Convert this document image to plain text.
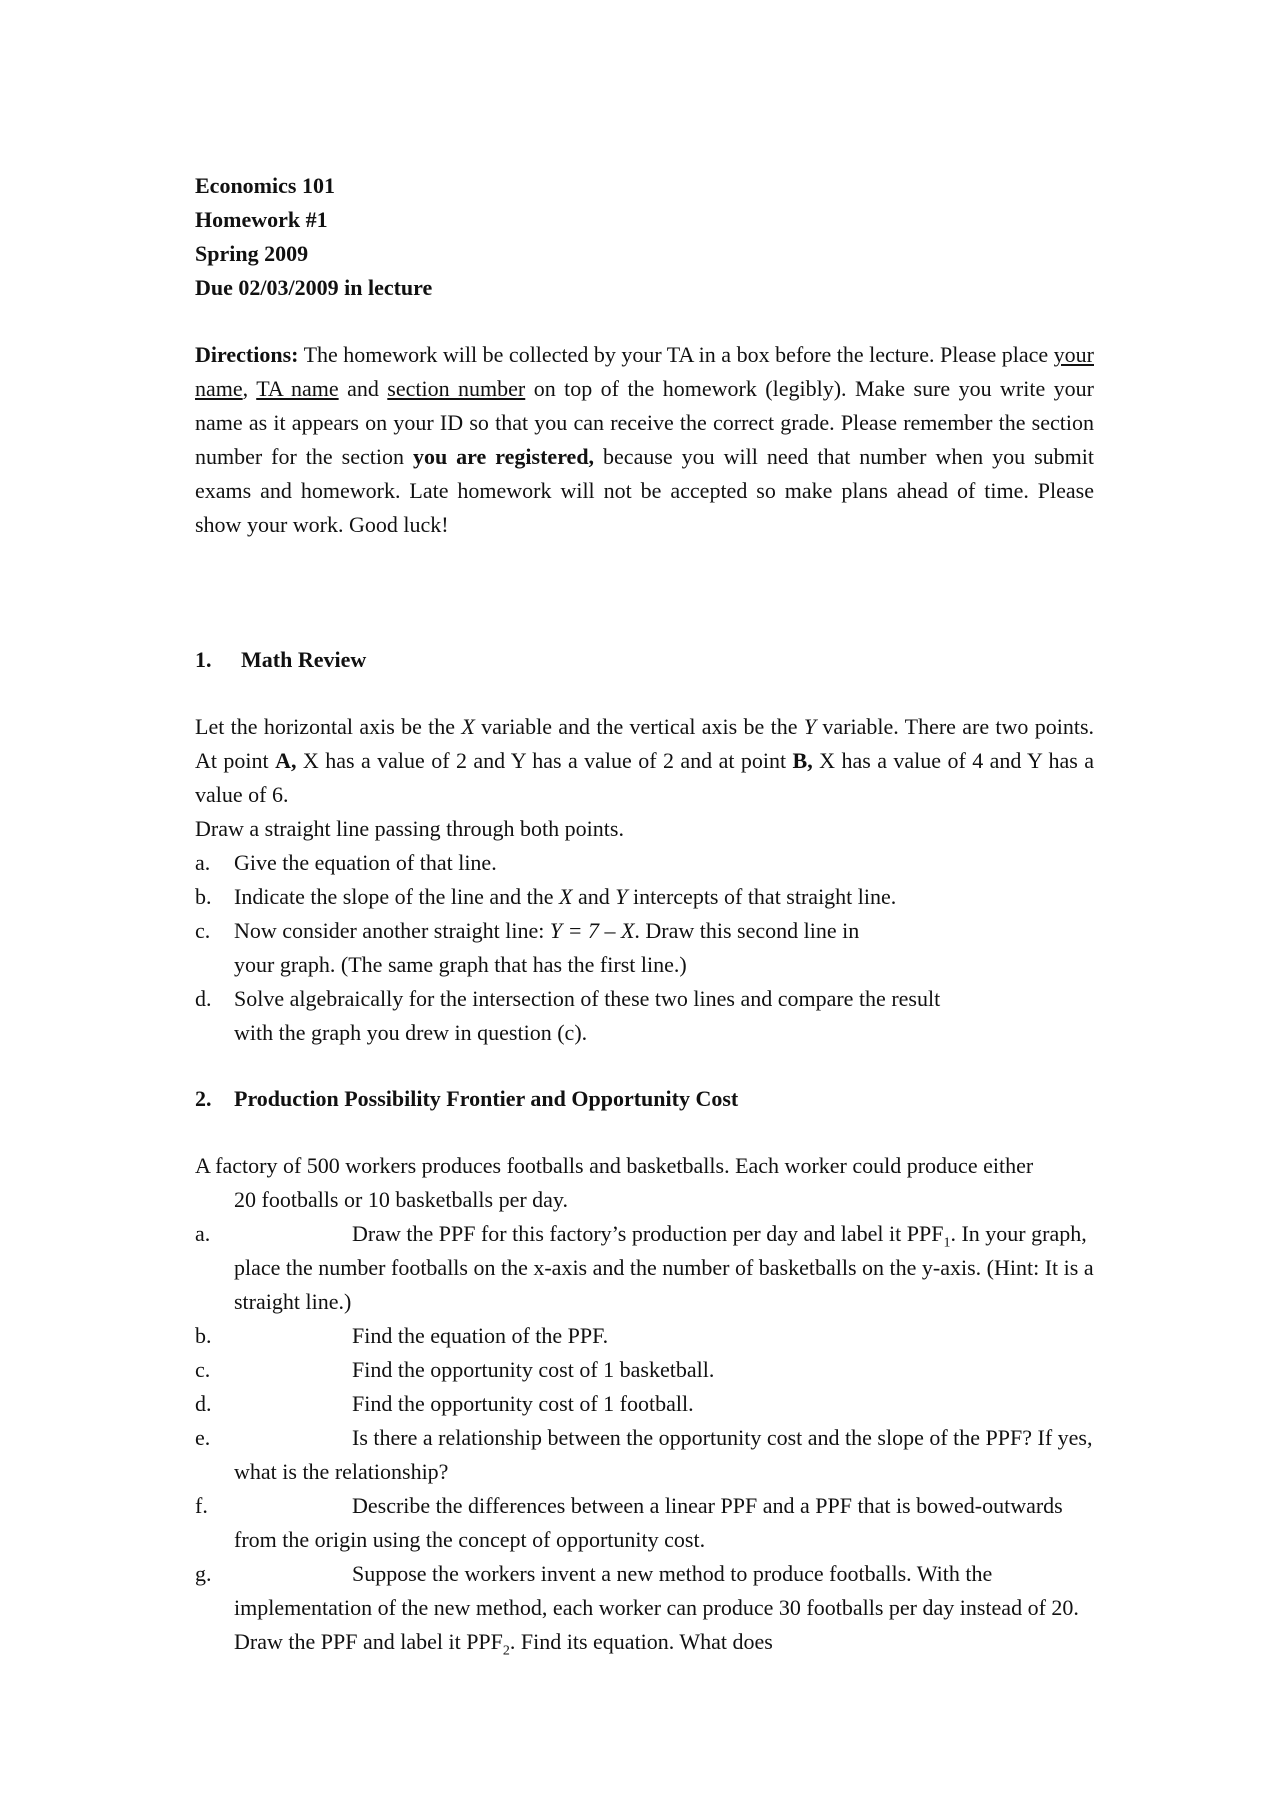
Economics 101

Homework #1

Spring 2009

Due 02/03/2009 in lecture

Directions: The homework will be collected by your TA in a box before the lecture. Please place your name, TA name and section number on top of the homework (legibly). Make sure you write your name as it appears on your ID so that you can receive the correct grade. Please remember the section number for the section you are registered, because you will need that number when you submit exams and homework. Late homework will not be accepted so make plans ahead of time. Please show your work. Good luck!

1. Math Review

Let the horizontal axis be the X variable and the vertical axis be the Y variable. There are two points. At point A, X has a value of 2 and Y has a value of 2 and at point B, X has a value of 4 and Y has a value of 6.

Draw a straight line passing through both points.

a. Give the equation of that line.

b. Indicate the slope of the line and the X and Y intercepts of that straight line.

c. Now consider another straight line: Y = 7 – X. Draw this second line in your graph. (The same graph that has the first line.)

d. Solve algebraically for the intersection of these two lines and compare the result with the graph you drew in question (c).

2. Production Possibility Frontier and Opportunity Cost

A factory of 500 workers produces footballs and basketballs. Each worker could produce either 20 footballs or 10 basketballs per day.

a.	Draw the PPF for this factory’s production per day and label it $PPF_1$. In your graph, place the number footballs on the x-axis and the number of basketballs on the y-axis. (Hint: It is a straight line.)

b.	Find the equation of the PPF.

c.	Find the opportunity cost of 1 basketball.

d.	Find the opportunity cost of 1 football.

e.	Is there a relationship between the opportunity cost and the slope of the PPF? If yes, what is the relationship?

f.	Describe the differences between a linear PPF and a PPF that is bowed-outwards from the origin using the concept of opportunity cost.

g.	Suppose the workers invent a new method to produce footballs. With the implementation of the new method, each worker can produce 30 footballs per day instead of 20. Draw the PPF and label it $PPF_2$. Find its equation. What does
